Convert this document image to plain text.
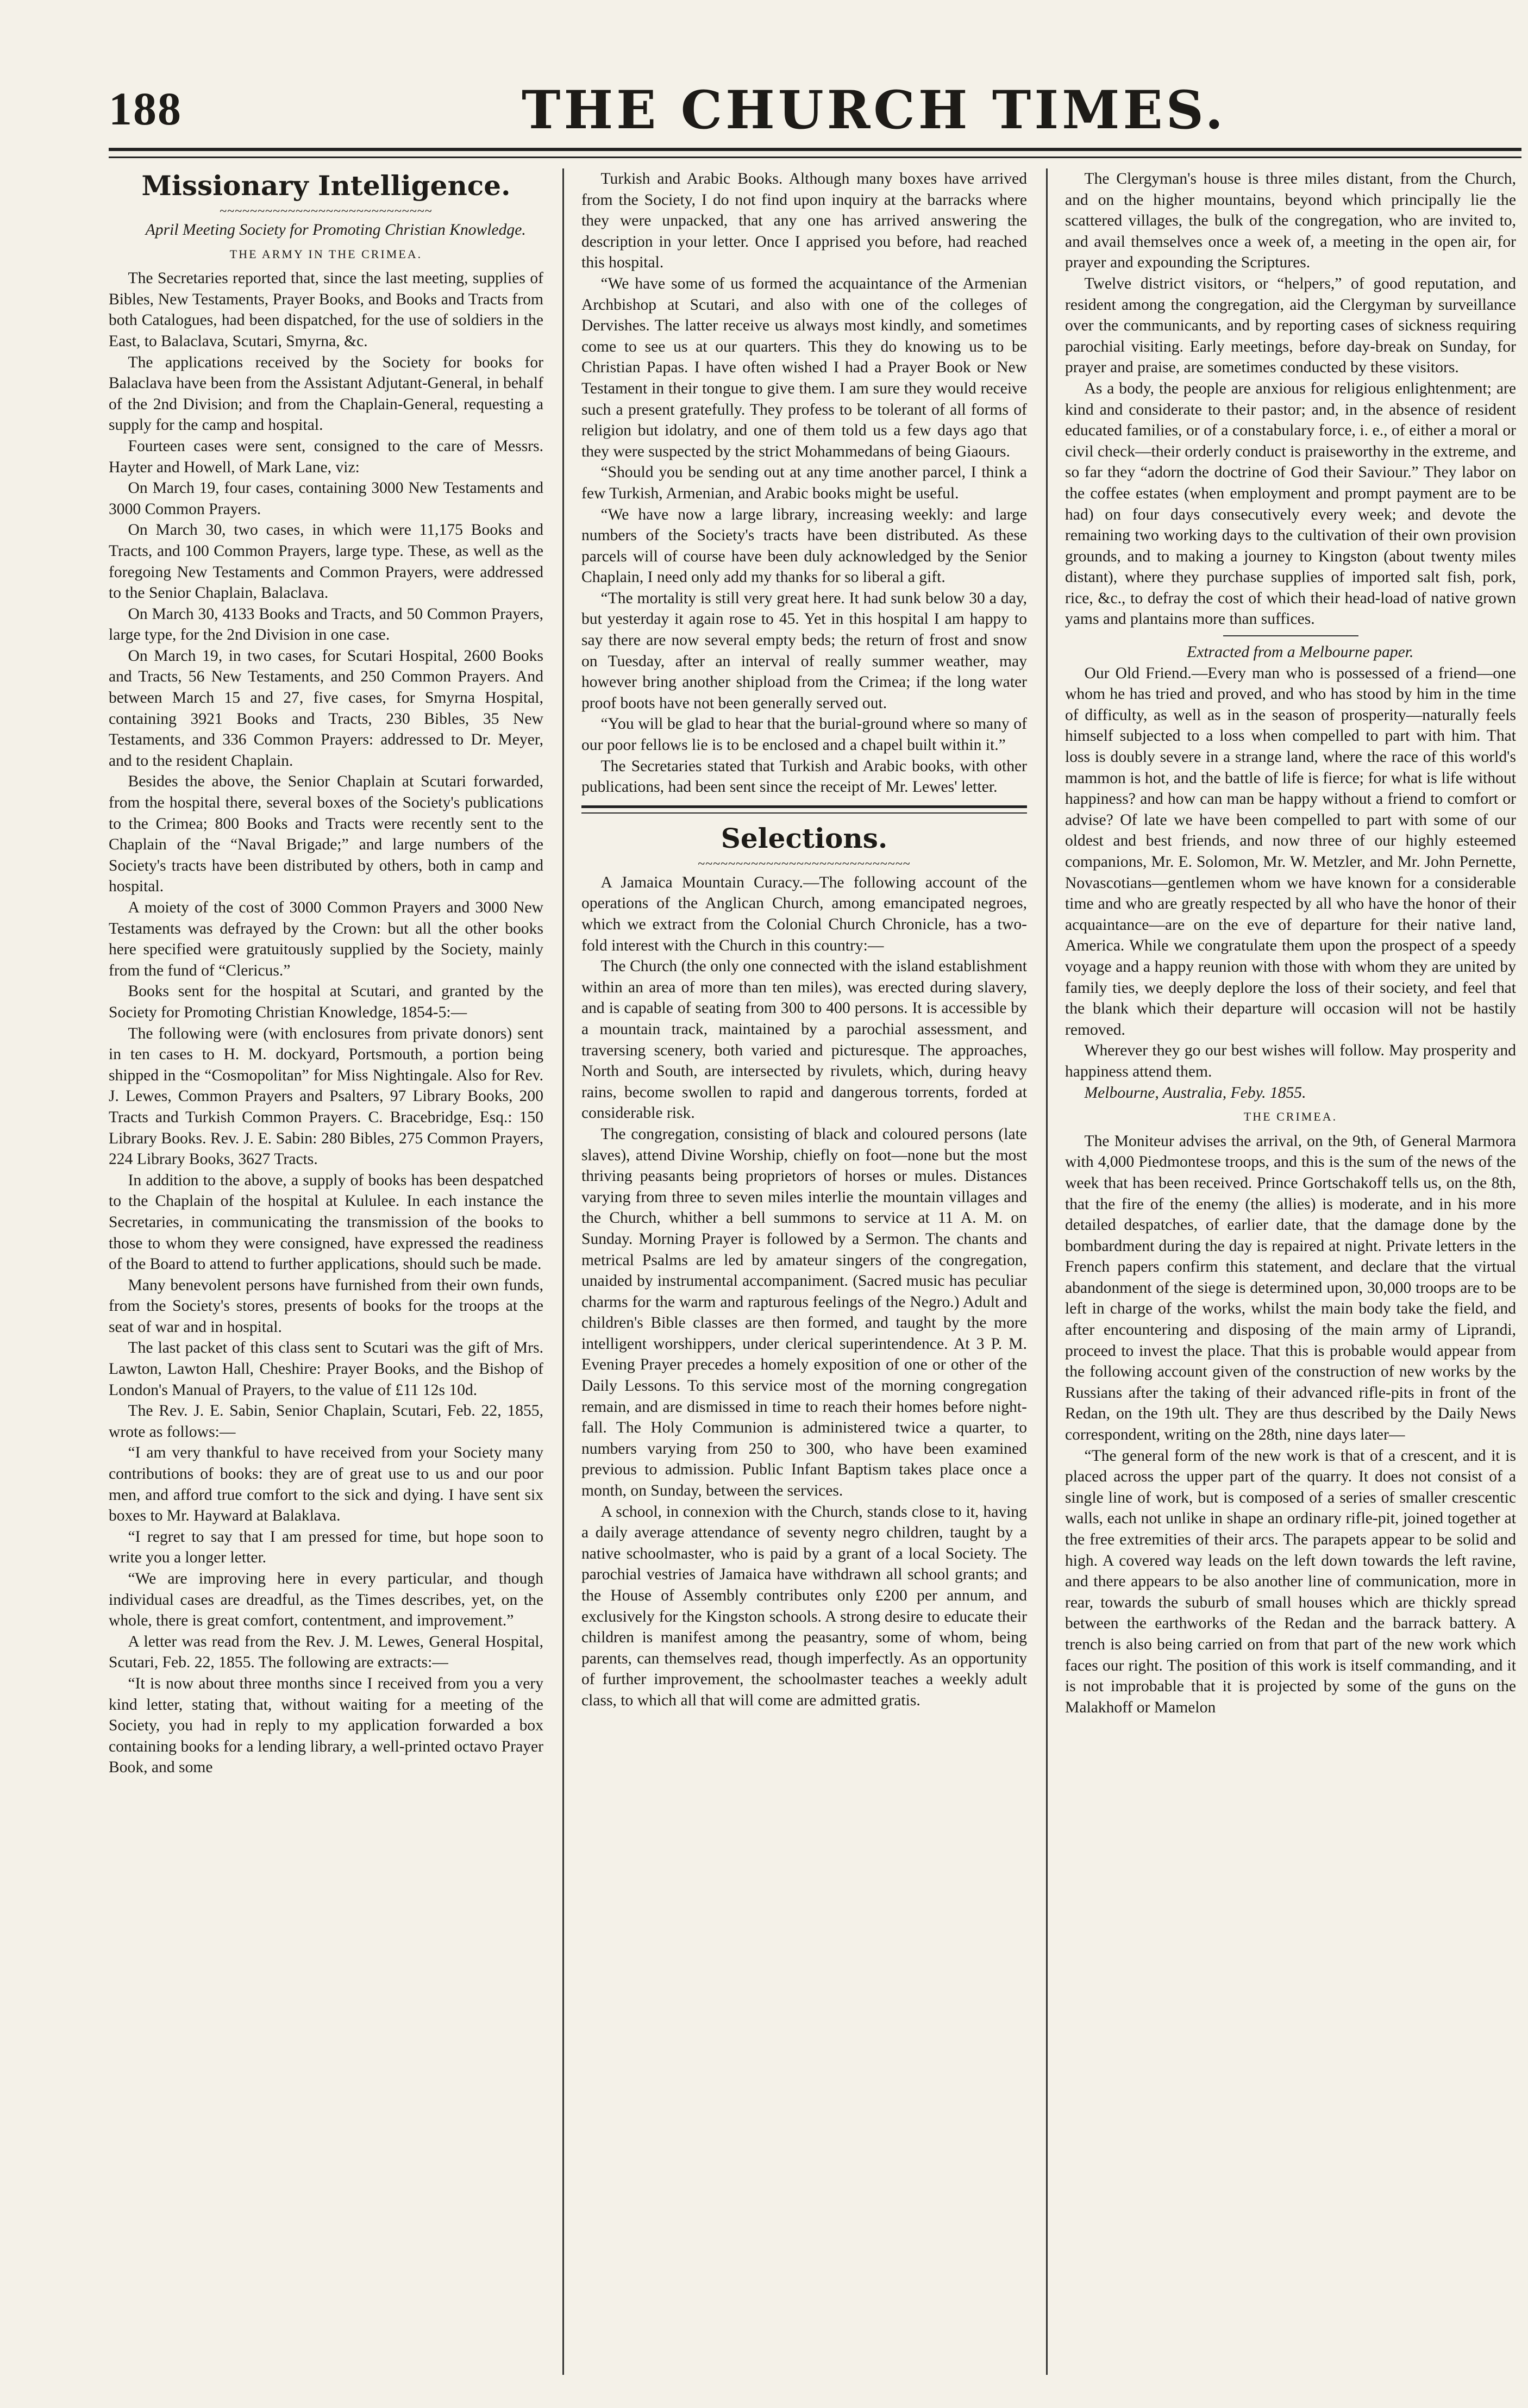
188	THE CHURCH TIMES.
Missionary Intelligence.
~~~~~~~~~~~~~~~~~~~~~~~~~~~~

April Meeting Society for Promoting Christian Knowledge.

THE ARMY IN THE CRIMEA.

The Secretaries reported that, since the last meeting, supplies of Bibles, New Testaments, Prayer Books, and Books and Tracts from both Catalogues, had been dispatched, for the use of soldiers in the East, to Balaclava, Scutari, Smyrna, &c.

The applications received by the Society for books for Balaclava have been from the Assistant Adjutant-General, in behalf of the 2nd Division; and from the Chaplain-General, requesting a supply for the camp and hospital.

Fourteen cases were sent, consigned to the care of Messrs. Hayter and Howell, of Mark Lane, viz:

On March 19, four cases, containing 3000 New Testaments and 3000 Common Prayers.

On March 30, two cases, in which were 11,175 Books and Tracts, and 100 Common Prayers, large type. These, as well as the foregoing New Testaments and Common Prayers, were addressed to the Senior Chaplain, Balaclava.

On March 30, 4133 Books and Tracts, and 50 Common Prayers, large type, for the 2nd Division in one case.

On March 19, in two cases, for Scutari Hospital, 2600 Books and Tracts, 56 New Testaments, and 250 Common Prayers. And between March 15 and 27, five cases, for Smyrna Hospital, containing 3921 Books and Tracts, 230 Bibles, 35 New Testaments, and 336 Common Prayers: addressed to Dr. Meyer, and to the resident Chaplain.

Besides the above, the Senior Chaplain at Scutari forwarded, from the hospital there, several boxes of the Society's publications to the Crimea; 800 Books and Tracts were recently sent to the Chaplain of the “Naval Brigade;” and large numbers of the Society's tracts have been distributed by others, both in camp and hospital.

A moiety of the cost of 3000 Common Prayers and 3000 New Testaments was defrayed by the Crown: but all the other books here specified were gratuitously supplied by the Society, mainly from the fund of “Clericus.”

Books sent for the hospital at Scutari, and granted by the Society for Promoting Christian Knowledge, 1854-5:—

The following were (with enclosures from private donors) sent in ten cases to H. M. dockyard, Portsmouth, a portion being shipped in the “Cosmopolitan” for Miss Nightingale. Also for Rev. J. Lewes, Common Prayers and Psalters, 97 Library Books, 200 Tracts and Turkish Common Prayers. C. Bracebridge, Esq.: 150 Library Books. Rev. J. E. Sabin: 280 Bibles, 275 Common Prayers, 224 Library Books, 3627 Tracts.

In addition to the above, a supply of books has been despatched to the Chaplain of the hospital at Kululee. In each instance the Secretaries, in communicating the transmission of the books to those to whom they were consigned, have expressed the readiness of the Board to attend to further applications, should such be made.

Many benevolent persons have furnished from their own funds, from the Society's stores, presents of books for the troops at the seat of war and in hospital.

The last packet of this class sent to Scutari was the gift of Mrs. Lawton, Lawton Hall, Cheshire: Prayer Books, and the Bishop of London's Manual of Prayers, to the value of £11 12s 10d.

The Rev. J. E. Sabin, Senior Chaplain, Scutari, Feb. 22, 1855, wrote as follows:—

“I am very thankful to have received from your Society many contributions of books: they are of great use to us and our poor men, and afford true comfort to the sick and dying. I have sent six boxes to Mr. Hayward at Balaklava.

“I regret to say that I am pressed for time, but hope soon to write you a longer letter.

“We are improving here in every particular, and though individual cases are dreadful, as the Times describes, yet, on the whole, there is great comfort, contentment, and improvement.”

A letter was read from the Rev. J. M. Lewes, General Hospital, Scutari, Feb. 22, 1855. The following are extracts:—

“It is now about three months since I received from you a very kind letter, stating that, without waiting for a meeting of the Society, you had in reply to my application forwarded a box containing books for a lending library, a well-printed octavo Prayer Book, and some

Turkish and Arabic Books. Although many boxes have arrived from the Society, I do not find upon inquiry at the barracks where they were unpacked, that any one has arrived answering the description in your letter. Once I apprised you before, had reached this hospital.

“We have some of us formed the acquaintance of the Armenian Archbishop at Scutari, and also with one of the colleges of Dervishes. The latter receive us always most kindly, and sometimes come to see us at our quarters. This they do knowing us to be Christian Papas. I have often wished I had a Prayer Book or New Testament in their tongue to give them. I am sure they would receive such a present gratefully. They profess to be tolerant of all forms of religion but idolatry, and one of them told us a few days ago that they were suspected by the strict Mohammedans of being Giaours.

“Should you be sending out at any time another parcel, I think a few Turkish, Armenian, and Arabic books might be useful.

“We have now a large library, increasing weekly: and large numbers of the Society's tracts have been distributed. As these parcels will of course have been duly acknowledged by the Senior Chaplain, I need only add my thanks for so liberal a gift.

“The mortality is still very great here. It had sunk below 30 a day, but yesterday it again rose to 45. Yet in this hospital I am happy to say there are now several empty beds; the return of frost and snow on Tuesday, after an interval of really summer weather, may however bring another shipload from the Crimea; if the long water proof boots have not been generally served out.

“You will be glad to hear that the burial-ground where so many of our poor fellows lie is to be enclosed and a chapel built within it.”

The Secretaries stated that Turkish and Arabic books, with other publications, had been sent since the receipt of Mr. Lewes' letter.

Selections.
~~~~~~~~~~~~~~~~~~~~~~~~~~~~

A Jamaica Mountain Curacy.—The following account of the operations of the Anglican Church, among emancipated negroes, which we extract from the Colonial Church Chronicle, has a two-fold interest with the Church in this country:—

The Church (the only one connected with the island establishment within an area of more than ten miles), was erected during slavery, and is capable of seating from 300 to 400 persons. It is accessible by a mountain track, maintained by a parochial assessment, and traversing scenery, both varied and picturesque. The approaches, North and South, are intersected by rivulets, which, during heavy rains, become swollen to rapid and dangerous torrents, forded at considerable risk.

The congregation, consisting of black and coloured persons (late slaves), attend Divine Worship, chiefly on foot—none but the most thriving peasants being proprietors of horses or mules. Distances varying from three to seven miles interlie the mountain villages and the Church, whither a bell summons to service at 11 A. M. on Sunday. Morning Prayer is followed by a Sermon. The chants and metrical Psalms are led by amateur singers of the congregation, unaided by instrumental accompaniment. (Sacred music has peculiar charms for the warm and rapturous feelings of the Negro.) Adult and children's Bible classes are then formed, and taught by the more intelligent worshippers, under clerical superintendence. At 3 P. M. Evening Prayer precedes a homely exposition of one or other of the Daily Lessons. To this service most of the morning congregation remain, and are dismissed in time to reach their homes before night-fall. The Holy Communion is administered twice a quarter, to numbers varying from 250 to 300, who have been examined previous to admission. Public Infant Baptism takes place once a month, on Sunday, between the services.

A school, in connexion with the Church, stands close to it, having a daily average attendance of seventy negro children, taught by a native schoolmaster, who is paid by a grant of a local Society. The parochial vestries of Jamaica have withdrawn all school grants; and the House of Assembly contributes only £200 per annum, and exclusively for the Kingston schools. A strong desire to educate their children is manifest among the peasantry, some of whom, being parents, can themselves read, though imperfectly. As an opportunity of further improvement, the schoolmaster teaches a weekly adult class, to which all that will come are admitted gratis.

The Clergyman's house is three miles distant, from the Church, and on the higher mountains, beyond which principally lie the scattered villages, the bulk of the congregation, who are invited to, and avail themselves once a week of, a meeting in the open air, for prayer and expounding the Scriptures.

Twelve district visitors, or “helpers,” of good reputation, and resident among the congregation, aid the Clergyman by surveillance over the communicants, and by reporting cases of sickness requiring parochial visiting. Early meetings, before day-break on Sunday, for prayer and praise, are sometimes conducted by these visitors.

As a body, the people are anxious for religious enlightenment; are kind and considerate to their pastor; and, in the absence of resident educated families, or of a constabulary force, i. e., of either a moral or civil check—their orderly conduct is praiseworthy in the extreme, and so far they “adorn the doctrine of God their Saviour.” They labor on the coffee estates (when employment and prompt payment are to be had) on four days consecutively every week; and devote the remaining two working days to the cultivation of their own provision grounds, and to making a journey to Kingston (about twenty miles distant), where they purchase supplies of imported salt fish, pork, rice, &c., to defray the cost of which their head-load of native grown yams and plantains more than suffices.

Extracted from a Melbourne paper.

Our Old Friend.—Every man who is possessed of a friend—one whom he has tried and proved, and who has stood by him in the time of difficulty, as well as in the season of prosperity—naturally feels himself subjected to a loss when compelled to part with him. That loss is doubly severe in a strange land, where the race of this world's mammon is hot, and the battle of life is fierce; for what is life without happiness? and how can man be happy without a friend to comfort or advise? Of late we have been compelled to part with some of our oldest and best friends, and now three of our highly esteemed companions, Mr. E. Solomon, Mr. W. Metzler, and Mr. John Pernette, Novascotians—gentlemen whom we have known for a considerable time and who are greatly respected by all who have the honor of their acquaintance—are on the eve of departure for their native land, America. While we congratulate them upon the prospect of a speedy voyage and a happy reunion with those with whom they are united by family ties, we deeply deplore the loss of their society, and feel that the blank which their departure will occasion will not be hastily removed.

Wherever they go our best wishes will follow. May prosperity and happiness attend them.

Melbourne, Australia, Feby. 1855.

THE CRIMEA.

The Moniteur advises the arrival, on the 9th, of General Marmora with 4,000 Piedmontese troops, and this is the sum of the news of the week that has been received. Prince Gortschakoff tells us, on the 8th, that the fire of the enemy (the allies) is moderate, and in his more detailed despatches, of earlier date, that the damage done by the bombardment during the day is repaired at night. Private letters in the French papers confirm this statement, and declare that the virtual abandonment of the siege is determined upon, 30,000 troops are to be left in charge of the works, whilst the main body take the field, and after encountering and disposing of the main army of Liprandi, proceed to invest the place. That this is probable would appear from the following account given of the construction of new works by the Russians after the taking of their advanced rifle-pits in front of the Redan, on the 19th ult. They are thus described by the Daily News correspondent, writing on the 28th, nine days later—

“The general form of the new work is that of a crescent, and it is placed across the upper part of the quarry. It does not consist of a single line of work, but is composed of a series of smaller crescentic walls, each not unlike in shape an ordinary rifle-pit, joined together at the free extremities of their arcs. The parapets appear to be solid and high. A covered way leads on the left down towards the left ravine, and there appears to be also another line of communication, more in rear, towards the suburb of small houses which are thickly spread between the earthworks of the Redan and the barrack battery. A trench is also being carried on from that part of the new work which faces our right. The position of this work is itself commanding, and it is not improbable that it is projected by some of the guns on the Malakhoff or Mamelon
